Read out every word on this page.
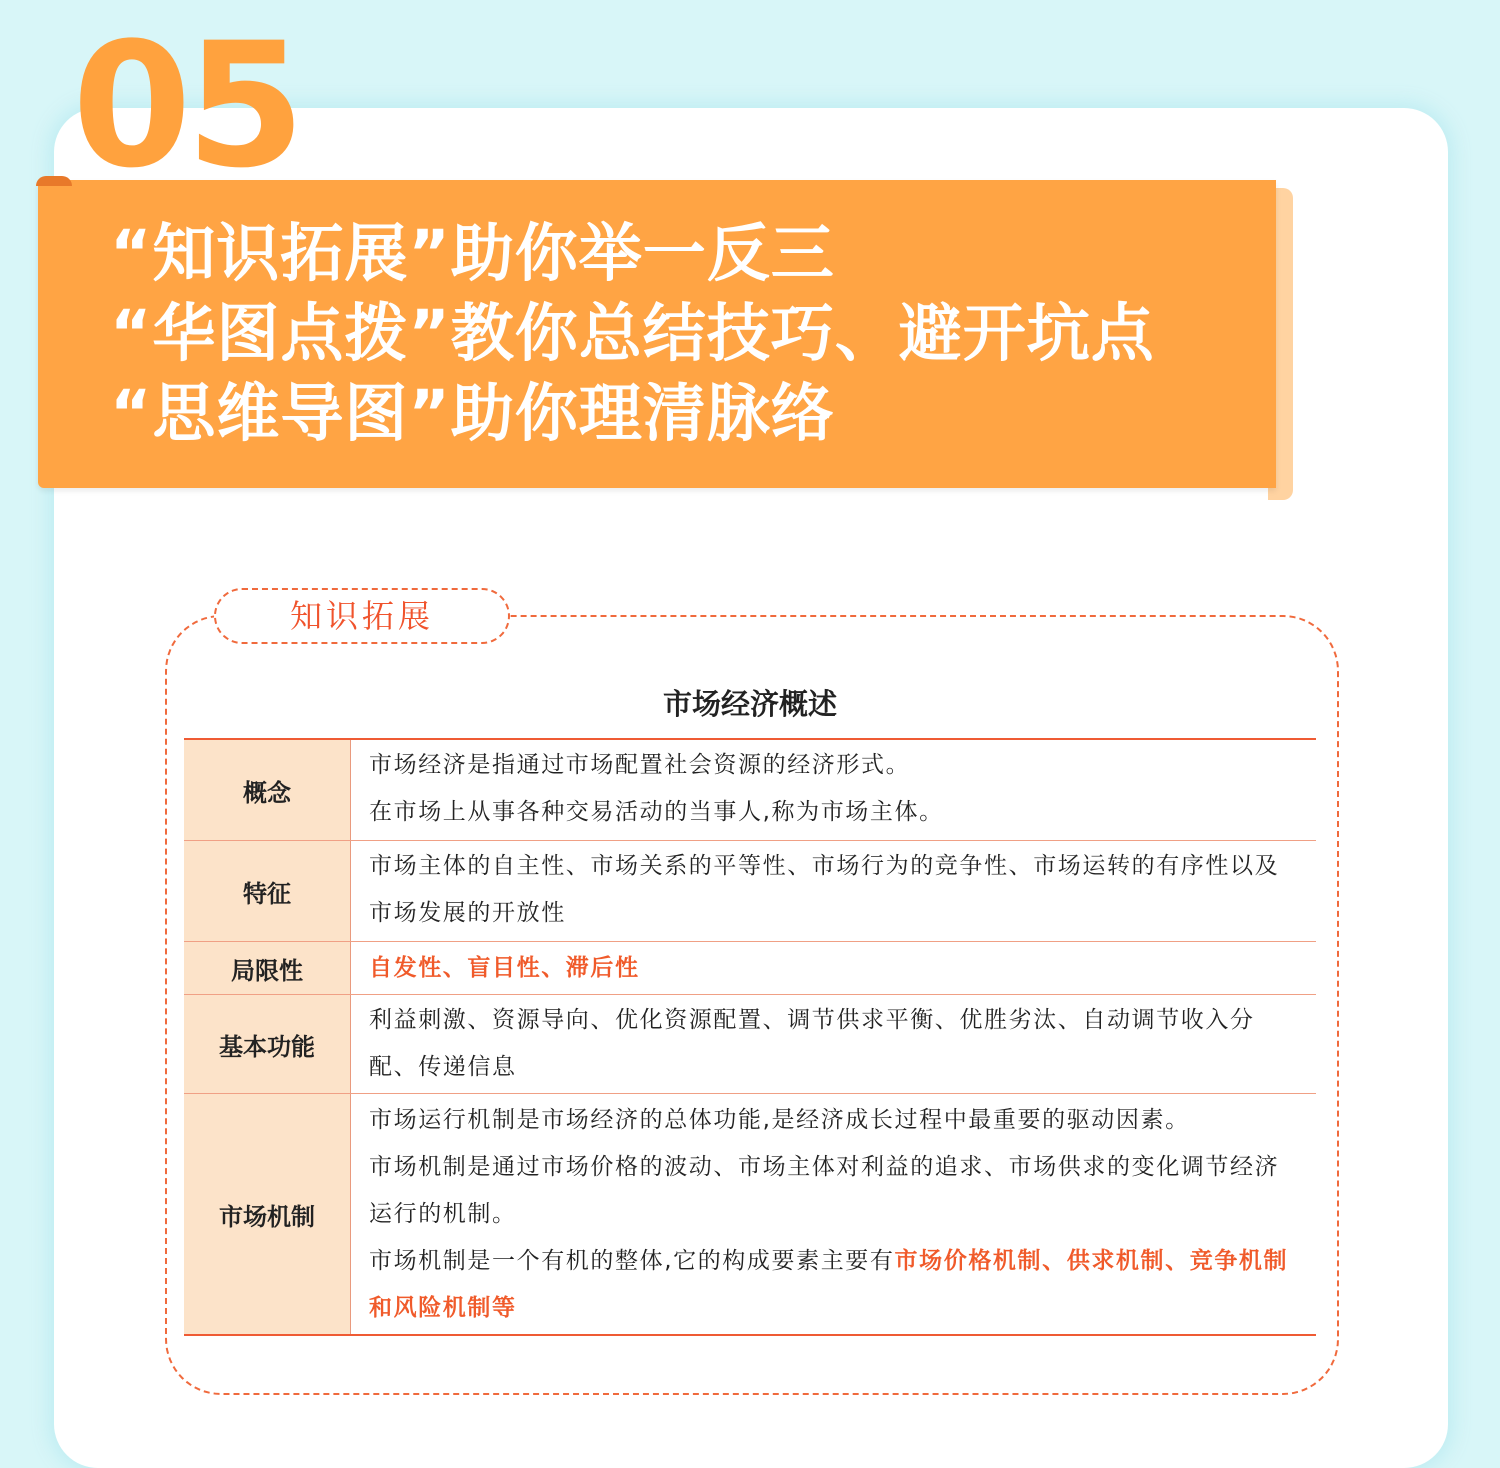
05
“知识拓展”助你举一反三
“华图点拨”教你总结技巧、避开坑点
“思维导图”助你理清脉络
知识拓展
市场经济概述
概念

市场经济是指通过市场配置社会资源的经济形式。

在市场上从事各种交易活动的当事人,称为市场主体。

特征

市场主体的自主性、市场关系的平等性、市场行为的竞争性、市场运转的有序性以及市场发展的开放性

局限性	自发性、盲目性、滞后性

基本功能

利益刺激、资源导向、优化资源配置、调节供求平衡、优胜劣汰、自动调节收入分配、传递信息

市场机制

市场运行机制是市场经济的总体功能,是经济成长过程中最重要的驱动因素。

市场机制是通过市场价格的波动、市场主体对利益的追求、市场供求的变化调节经济运行的机制。

市场机制是一个有机的整体,它的构成要素主要有市场价格机制、供求机制、竞争机制和风险机制等
